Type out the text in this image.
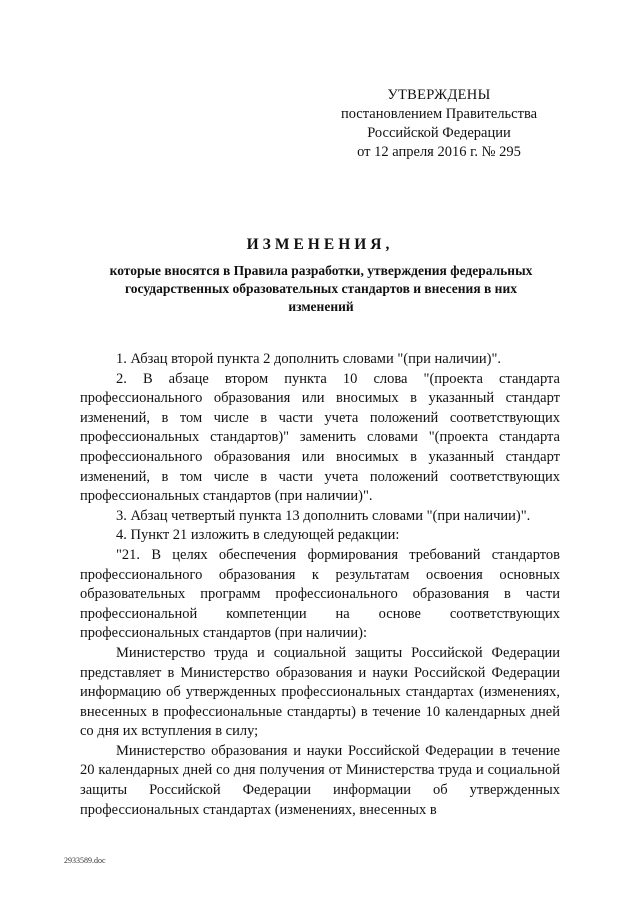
УТВЕРЖДЕНЫ
постановлением Правительства
Российской Федерации
от 12 апреля 2016 г. № 295
ИЗМЕНЕНИЯ,
которые вносятся в Правила разработки, утверждения федеральных государственных образовательных стандартов и внесения в них изменений

1. Абзац второй пункта 2 дополнить словами "(при наличии)".

2. В абзаце втором пункта 10 слова "(проекта стандарта профессионального образования или вносимых в указанный стандарт изменений, в том числе в части учета положений соответствующих профессиональных стандартов)" заменить словами "(проекта стандарта профессионального образования или вносимых в указанный стандарт изменений, в том числе в части учета положений соответствующих профессиональных стандартов (при наличии)".

3. Абзац четвертый пункта 13 дополнить словами "(при наличии)".

4. Пункт 21 изложить в следующей редакции:

"21. В целях обеспечения формирования требований стандартов профессионального образования к результатам освоения основных образовательных программ профессионального образования в части профессиональной компетенции на основе соответствующих профессиональных стандартов (при наличии):

Министерство труда и социальной защиты Российской Федерации представляет в Министерство образования и науки Российской Федерации информацию об утвержденных профессиональных стандартах (изменениях, внесенных в профессиональные стандарты) в течение 10 календарных дней со дня их вступления в силу;

Министерство образования и науки Российской Федерации в течение 20 календарных дней со дня получения от Министерства труда и социальной защиты Российской Федерации информации об утвержденных профессиональных стандартах (изменениях, внесенных в

2933589.doc
